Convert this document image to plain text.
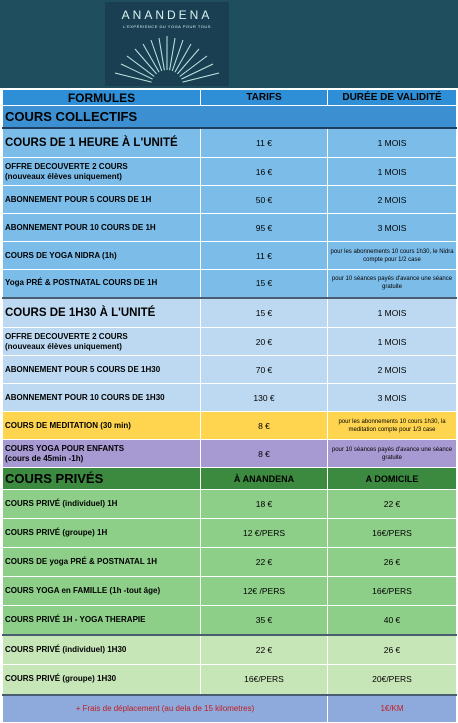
ANANDENA
L'EXPÉRIENCE DU YOGA POUR TOUS
FORMULES	TARIFS	DURÉE DE VALIDITÉ
COURS COLLECTIFS		
COURS DE 1 HEURE À L'UNITÉ	11 €	1 MOIS
OFFRE DECOUVERTE 2 COURS
(nouveaux élèves uniquement)	16 €	1 MOIS
ABONNEMENT POUR 5 COURS DE 1H	50 €	2 MOIS
ABONNEMENT POUR 10 COURS DE 1H	95 €	3 MOIS
COURS DE YOGA NIDRA (1h)	11 €	pour les abonnements 10 cours 1h30, le Nidra compte pour 1/2 case
Yoga PRÉ & POSTNATAL COURS DE 1H	15 €	pour 10 séances payés d'avance une séance gratuite
COURS DE 1H30 À L'UNITÉ	15 €	1 MOIS
OFFRE DECOUVERTE 2 COURS
(nouveaux élèves uniquement)	20 €	1 MOIS
ABONNEMENT POUR 5 COURS DE 1H30	70 €	2 MOIS
ABONNEMENT POUR 10 COURS DE 1H30	130 €	3 MOIS
COURS DE MEDITATION (30 min)	8 €	pour les abonnements 10 cours 1h30, la meditation compte pour 1/3 case
COURS YOGA POUR ENFANTS
(cours de 45min -1h)	8 €	pour 10 séances payés d'avance une séance gratuite
COURS PRIVÉS	À ANANDENA	A DOMICILE
COURS PRIVÉ (individuel) 1H	18 €	22 €
COURS PRIVÉ (groupe) 1H	12 €/PERS	16€/PERS
COURS DE yoga PRÉ & POSTNATAL 1H	22 €	26 €
COURS YOGA en FAMILLE (1h -tout âge)	12€ /PERS	16€/PERS
COURS PRIVÉ 1H - YOGA THERAPIE	35 €	40 €
COURS PRIVÉ (individuel) 1H30	22 €	26 €
COURS PRIVÉ (groupe) 1H30	16€/PERS	20€/PERS
+ Frais de déplacement (au dela de 15 kilometres)		1€/KM
